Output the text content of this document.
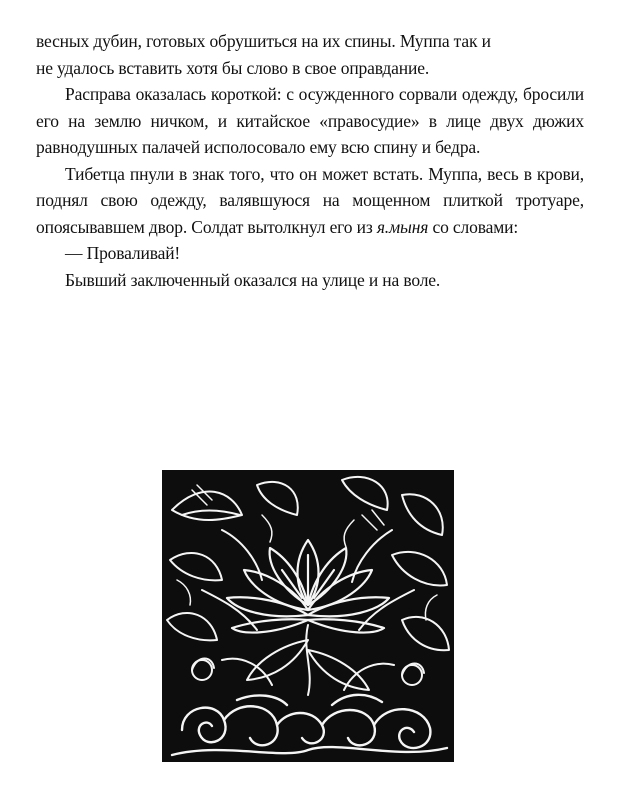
весных дубин, готовых обрушиться на их спины. Муппа так и
не удалось вставить хотя бы слово в свое оправдание.

Расправа оказалась короткой: с осужденного сорвали одежду, бросили его на землю ничком, и китайское «правосудие» в лице двух дюжих равнодушных палачей исполосовало ему всю спину и бедра.

Тибетца пнули в знак того, что он может встать. Муппа, весь в крови, поднял свою одежду, валявшуюся на мощенном плиткой тротуаре, опоясывавшем двор. Солдат вытолкнул его из я.мыня со словами:

— Проваливай!

Бывший заключенный оказался на улице и на воле.
